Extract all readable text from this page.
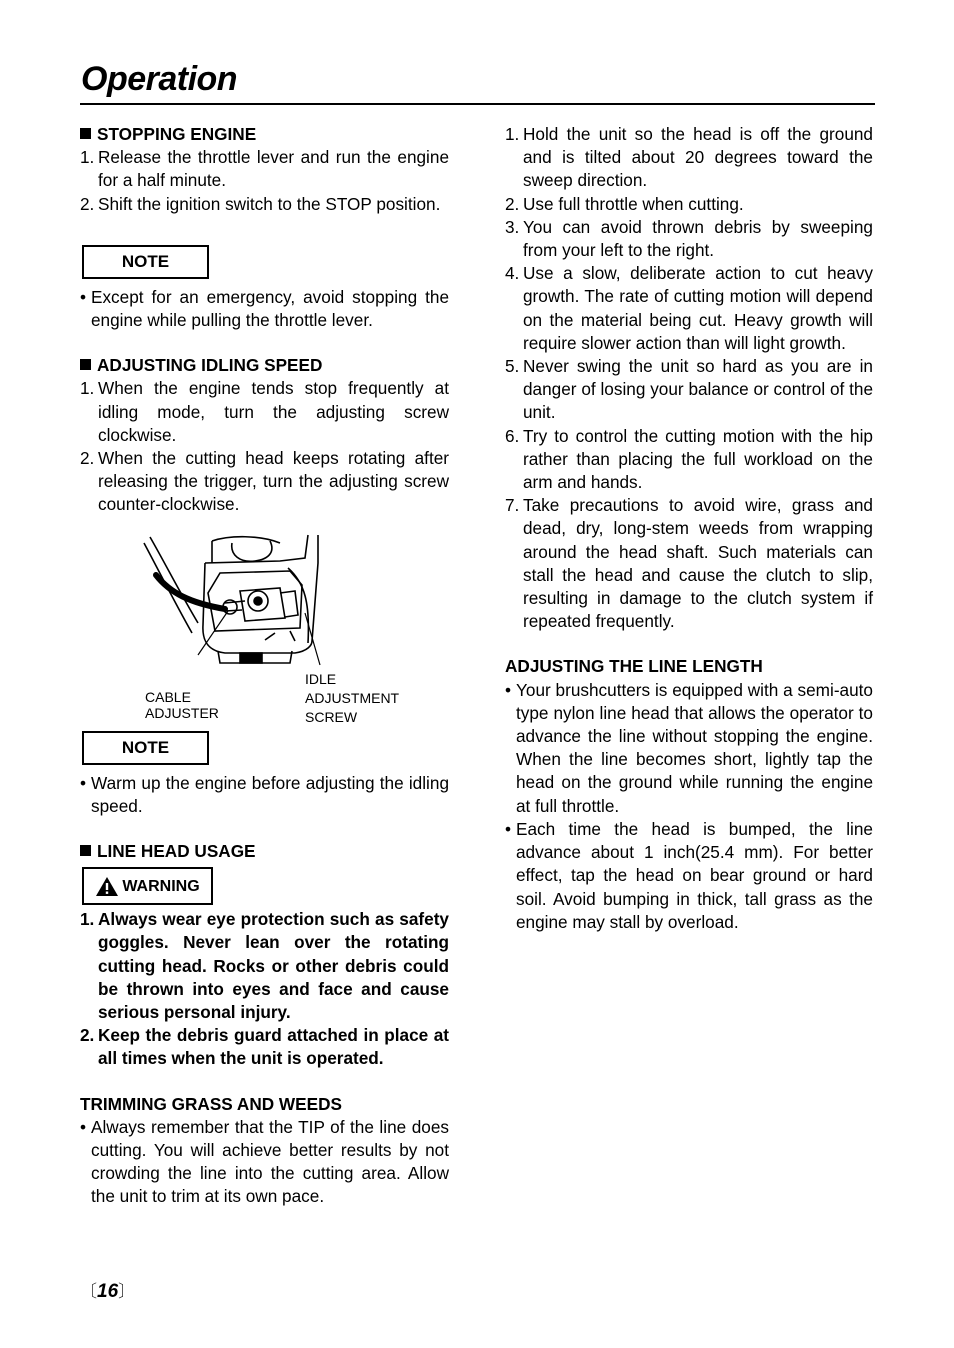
Operation
STOPPING ENGINE
1. Release the throttle lever and run the engine for a half minute.
2. Shift the ignition switch to the STOP position.
NOTE
• Except for an emergency, avoid stopping the engine while pulling the throttle lever.
ADJUSTING IDLING SPEED
1. When the engine tends stop frequently at idling mode, turn the adjusting screw clockwise.
2. When the cutting head keeps rotating after releasing the trigger, turn the adjusting screw counter-clockwise.
CABLE
ADJUSTER
IDLE
ADJUSTMENT
SCREW
NOTE
• Warm up the engine before adjusting the idling speed.
LINE HEAD USAGE
WARNING
1. Always wear eye protection such as safety goggles. Never lean over the rotating cutting head. Rocks or other debris could be thrown into eyes and face and cause serious personal injury.
2. Keep the debris guard attached in place at all times when the unit is operated.
TRIMMING GRASS AND WEEDS
• Always remember that the TIP of the line does cutting. You will achieve better results by not crowding the line into the cutting area. Allow the unit to trim at its own pace.
1. Hold the unit so the head is off the ground and is tilted about 20 degrees toward the sweep direction.
2. Use full throttle when cutting.
3. You can avoid thrown debris by sweeping from your left to the right.
4. Use a slow, deliberate action to cut heavy growth. The rate of cutting motion will depend on the material being cut. Heavy growth will require slower action than will light growth.
5. Never swing the unit so hard as you are in danger of losing your balance or control of the unit.
6. Try to control the cutting motion with the hip rather than placing the full workload on the arm and hands.
7. Take precautions to avoid wire, grass and dead, dry, long-stem weeds from wrapping around the head shaft. Such materials can stall the head and cause the clutch to slip, resulting in damage to the clutch system if repeated frequently.
ADJUSTING THE LINE LENGTH
• Your brushcutters is equipped with a semi-auto type nylon line head that allows the operator to advance the line without stopping the engine. When the line becomes short, lightly tap the head on the ground while running the engine at full throttle.
• Each time the head is bumped, the line advance about 1 inch(25.4 mm). For better effect, tap the head on bear ground or hard soil. Avoid bumping in thick, tall grass as the engine may stall by overload.
〔16〕
